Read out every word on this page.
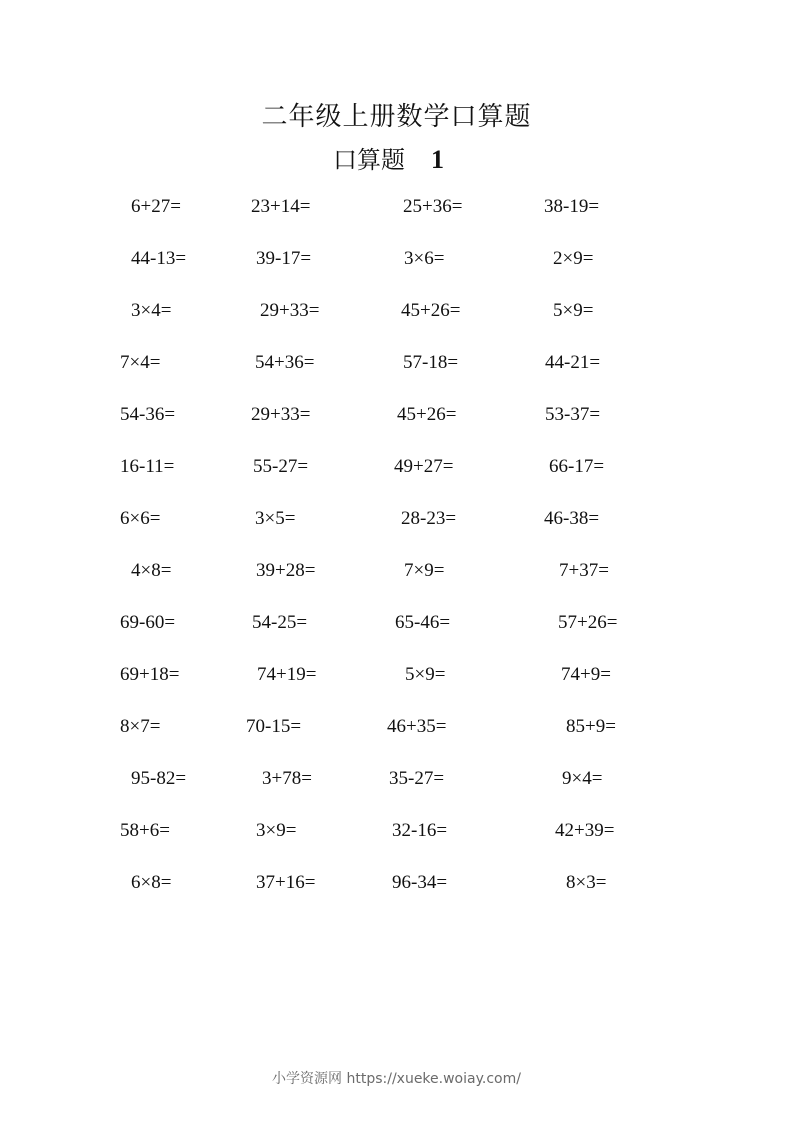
二年级上册数学口算题
口算题 1
6+27=	23+14=	25+36=	38-19=
44-13=	39-17=	3×6=	2×9=
3×4=	29+33=	45+26=	5×9=
7×4=	54+36=	57-18=	44-21=
54-36=	29+33=	45+26=	53-37=
16-11=	55-27=	49+27=	66-17=
6×6=	3×5=	28-23=	46-38=
4×8=	39+28=	7×9=	7+37=
69-60=	54-25=	65-46=	57+26=
69+18=	74+19=	5×9=	74+9=
8×7=	70-15=	46+35=	85+9=
95-82=	3+78=	35-27=	9×4=
58+6=	3×9=	32-16=	42+39=
6×8=	37+16=	96-34=	8×3=
小学资源网 https://xueke.woiay.com/
